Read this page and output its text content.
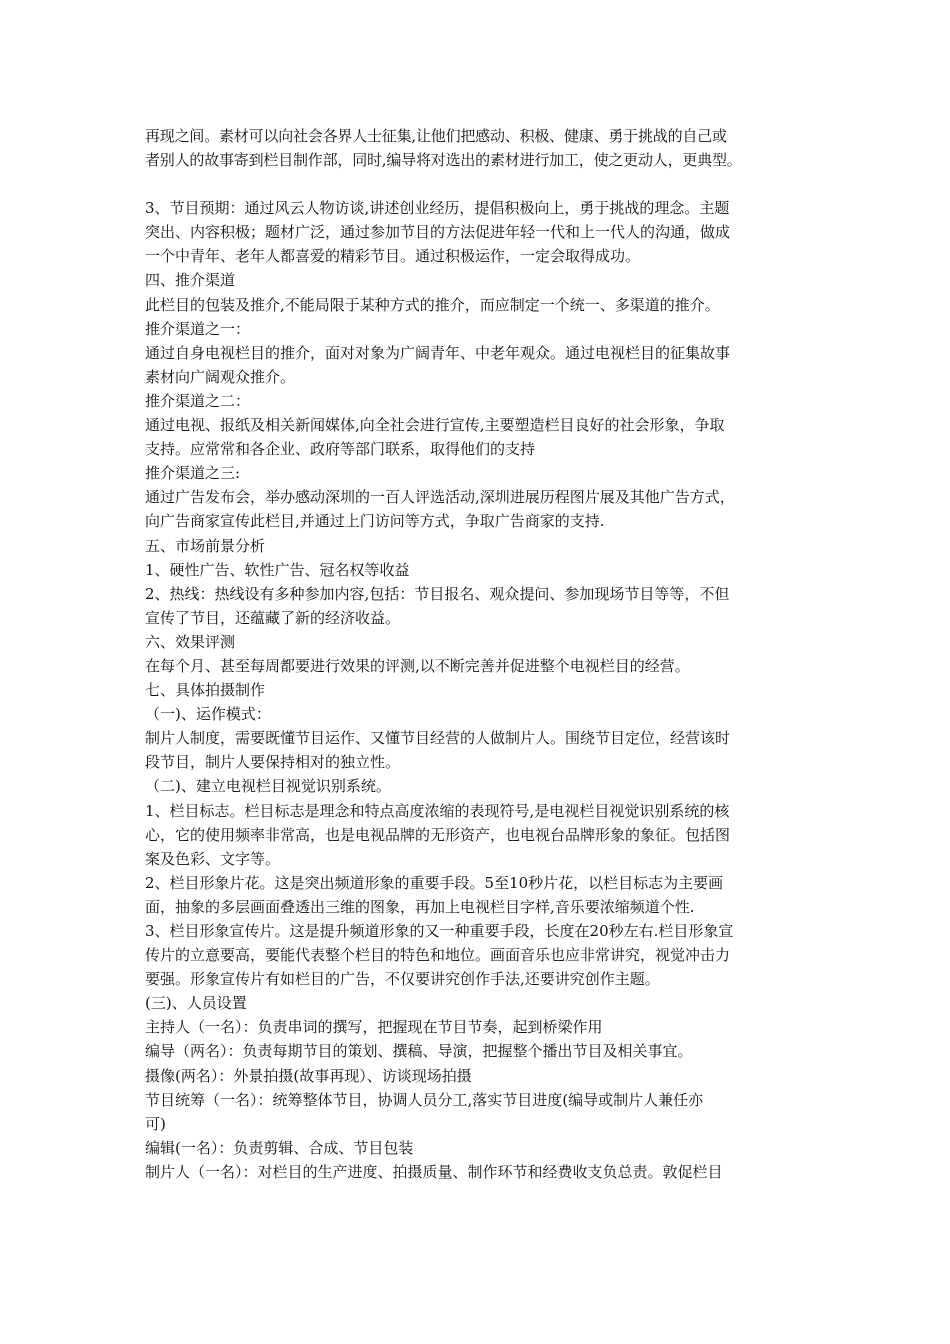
再现之间。素材可以向社会各界人士征集,让他们把感动、积极、健康、勇于挑战的自己或
者别人的故事寄到栏目制作部，同时,编导将对选出的素材进行加工，使之更动人，更典型。
3、节目预期：通过风云人物访谈,讲述创业经历，提倡积极向上，勇于挑战的理念。主题
突出、内容积极；题材广泛，通过参加节目的方法促进年轻一代和上一代人的沟通，做成
一个中青年、老年人都喜爱的精彩节目。通过积极运作，一定会取得成功。
四、推介渠道
此栏目的包装及推介,不能局限于某种方式的推介，而应制定一个统一、多渠道的推介。
推介渠道之一：
通过自身电视栏目的推介，面对对象为广阔青年、中老年观众。通过电视栏目的征集故事
素材向广阔观众推介。
推介渠道之二：
通过电视、报纸及相关新闻媒体,向全社会进行宣传,主要塑造栏目良好的社会形象，争取
支持。应常常和各企业、政府等部门联系，取得他们的支持
推介渠道之三:
通过广告发布会，举办感动深圳的一百人评选活动,深圳进展历程图片展及其他广告方式，
向广告商家宣传此栏目,并通过上门访问等方式，争取广告商家的支持.
五、市场前景分析
1、硬性广告、软性广告、冠名权等收益
2、热线：热线设有多种参加内容,包括：节目报名、观众提问、参加现场节目等等，不但
宣传了节目，还蕴藏了新的经济收益。
六、效果评测
在每个月、甚至每周都要进行效果的评测,以不断完善并促进整个电视栏目的经营。
七、具体拍摄制作
（一)、运作模式：
制片人制度，需要既懂节目运作、又懂节目经营的人做制片人。围绕节目定位，经营该时
段节目，制片人要保持相对的独立性。
（二)、建立电视栏目视觉识别系统。
1、栏目标志。栏目标志是理念和特点高度浓缩的表现符号,是电视栏目视觉识别系统的核
心，它的使用频率非常高，也是电视品牌的无形资产，也电视台品牌形象的象征。包括图
案及色彩、文字等。
2、栏目形象片花。这是突出频道形象的重要手段。5至10秒片花，以栏目标志为主要画
面，抽象的多层画面叠透出三维的图象，再加上电视栏目字样,音乐要浓缩频道个性.
3、栏目形象宣传片。这是提升频道形象的又一种重要手段，长度在20秒左右.栏目形象宣
传片的立意要高，要能代表整个栏目的特色和地位。画面音乐也应非常讲究，视觉冲击力
要强。形象宣传片有如栏目的广告，不仅要讲究创作手法,还要讲究创作主题。
(三)、人员设置
主持人（一名）：负责串词的撰写，把握现在节目节奏，起到桥梁作用
编导（两名）：负责每期节目的策划、撰稿、导演，把握整个播出节目及相关事宜。
摄像(两名）：外景拍摄(故事再现）、访谈现场拍摄
节目统筹（一名）：统筹整体节目，协调人员分工,落实节目进度(编导或制片人兼任亦
可)
编辑(一名）：负责剪辑、合成、节目包装
制片人（一名）：对栏目的生产进度、拍摄质量、制作环节和经费收支负总责。敦促栏目
